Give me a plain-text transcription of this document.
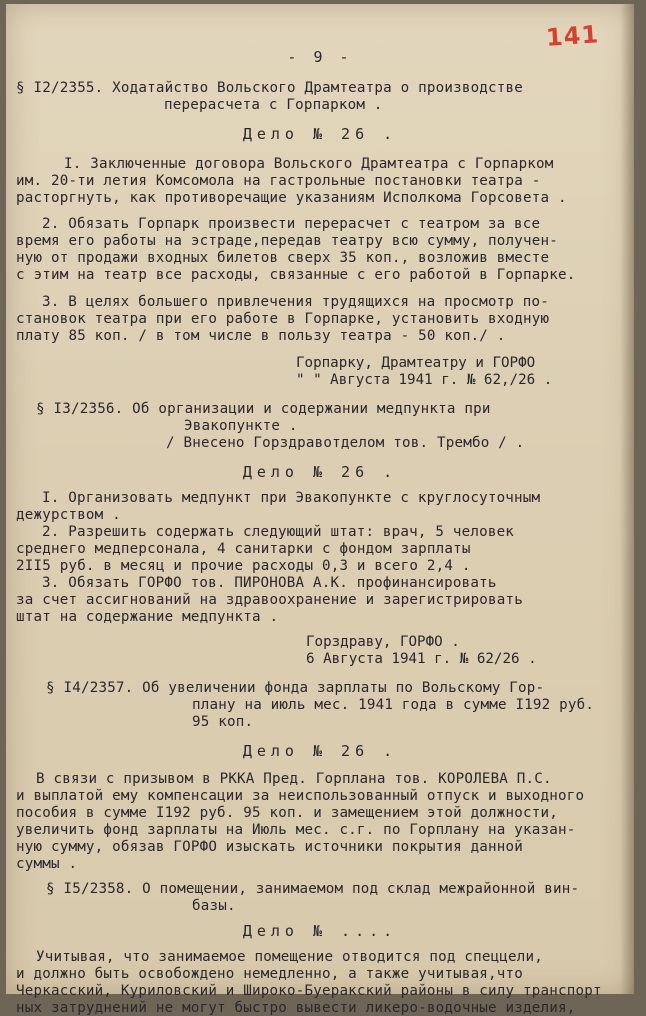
141
- 9 -
§ I2/2355. Ходатайство Вольского Драмтеатра о производстве
перерасчета с Горпарком .
Дело № 26 .
I. Заключенные договора Вольского Драмтеатра с Горпарком
им. 20-ти летия Комсомола на гастрольные постановки театра -
расторгнуть, как противоречащие указаниям Исполкома Горсовета .
2. Обязать Горпарк произвести перерасчет с театром за все
время его работы на эстраде,передав театру всю сумму, получен-
ную от продажи входных билетов сверх 35 коп., возложив вместе
с этим на театр все расходы, связанные с его работой в Горпарке.
3. В целях большего привлечения трудящихся на просмотр по-
становок театра при его работе в Горпарке, установить входную
плату 85 коп. / в том числе в пользу театра - 50 коп./ .
Горпарку, Драмтеатру и ГОРФО
" " Августа 1941 г. № 62,/26 .
§ I3/2356. Об организации и содержании медпункта при
Эвакопункте .
/ Внесено Горздравотделом тов. Трембо / .
Дело № 26 .
I. Организовать медпункт при Эвакопункте с круглосуточным
дежурством .
2. Разрешить содержать следующий штат: врач, 5 человек
среднего медперсонала, 4 санитарки с фондом зарплаты
2II5 руб. в месяц и прочие расходы 0,3 и всего 2,4 .
3. Обязать ГОРФО тов. ПИРОНОВА А.К. профинансировать
за счет ассигнований на здравоохранение и зарегистрировать
штат на содержание медпункта .
Горздраву, ГОРФО .
6 Августа 1941 г. № 62/26 .
§ I4/2357. Об увеличении фонда зарплаты по Вольскому Гор-
плану на июль мес. 1941 года в сумме I192 руб.
95 коп.
Дело № 26 .
В связи с призывом в РККА Пред. Горплана тов. КОРОЛЕВА П.С.
и выплатой ему компенсации за неиспользованный отпуск и выходного
пособия в сумме I192 руб. 95 коп. и замещением этой должности,
увеличить фонд зарплаты на Июль мес. с.г. по Горплану на указан-
ную сумму, обязав ГОРФО изыскать источники покрытия данной
суммы .
§ I5/2358. О помещении, занимаемом под склад межрайонной вин-
базы.
Дело № ....
Учитывая, что занимаемое помещение отводится под спеццели,
и должно быть освобождено немедленно, а также учитывая,что
Черкасский, Куриловский и Широко-Буеракский районы в силу транспорт
ных затруднений не могут быстро вывести ликеро-водочные изделия,
